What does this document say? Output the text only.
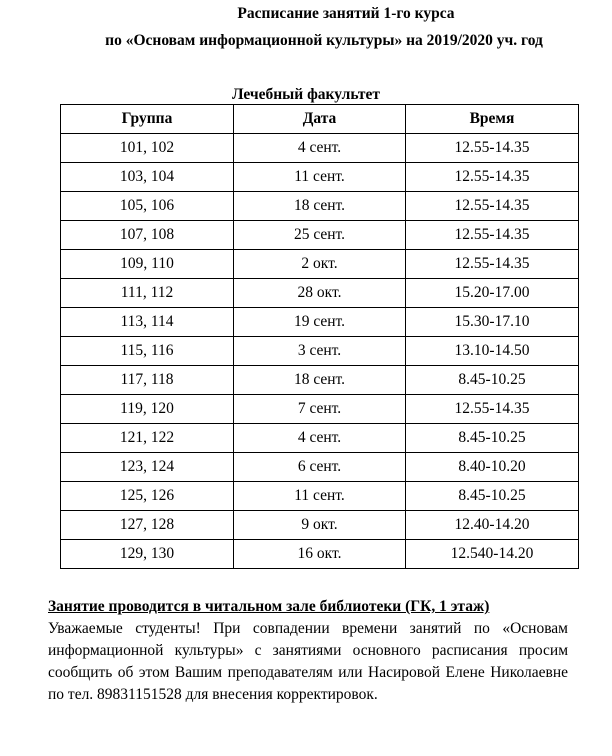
Расписание занятий 1-го курса
по «Основам информационной культуры» на 2019/2020 уч. год
Лечебный факультет
Группа	Дата	Время
101, 102	4 сент.	12.55-14.35
103, 104	11 сент.	12.55-14.35
105, 106	18 сент.	12.55-14.35
107, 108	25 сент.	12.55-14.35
109, 110	2 окт.	12.55-14.35
111, 112	28 окт.	15.20-17.00
113, 114	19 сент.	15.30-17.10
115, 116	3 сент.	13.10-14.50
117, 118	18 сент.	8.45-10.25
119, 120	7 сент.	12.55-14.35
121, 122	4 сент.	8.45-10.25
123, 124	6 сент.	8.40-10.20
125, 126	11 сент.	8.45-10.25
127, 128	9 окт.	12.40-14.20
129, 130	16 окт.	12.540-14.20
Занятие проводится в читальном зале библиотеки (ГК, 1 этаж)
Уважаемые студенты! При совпадении времени занятий по «Основам информационной культуры» с занятиями основного расписания просим сообщить об этом Вашим преподавателям или Насировой Елене Николаевне по тел. 89831151528 для внесения корректировок.
